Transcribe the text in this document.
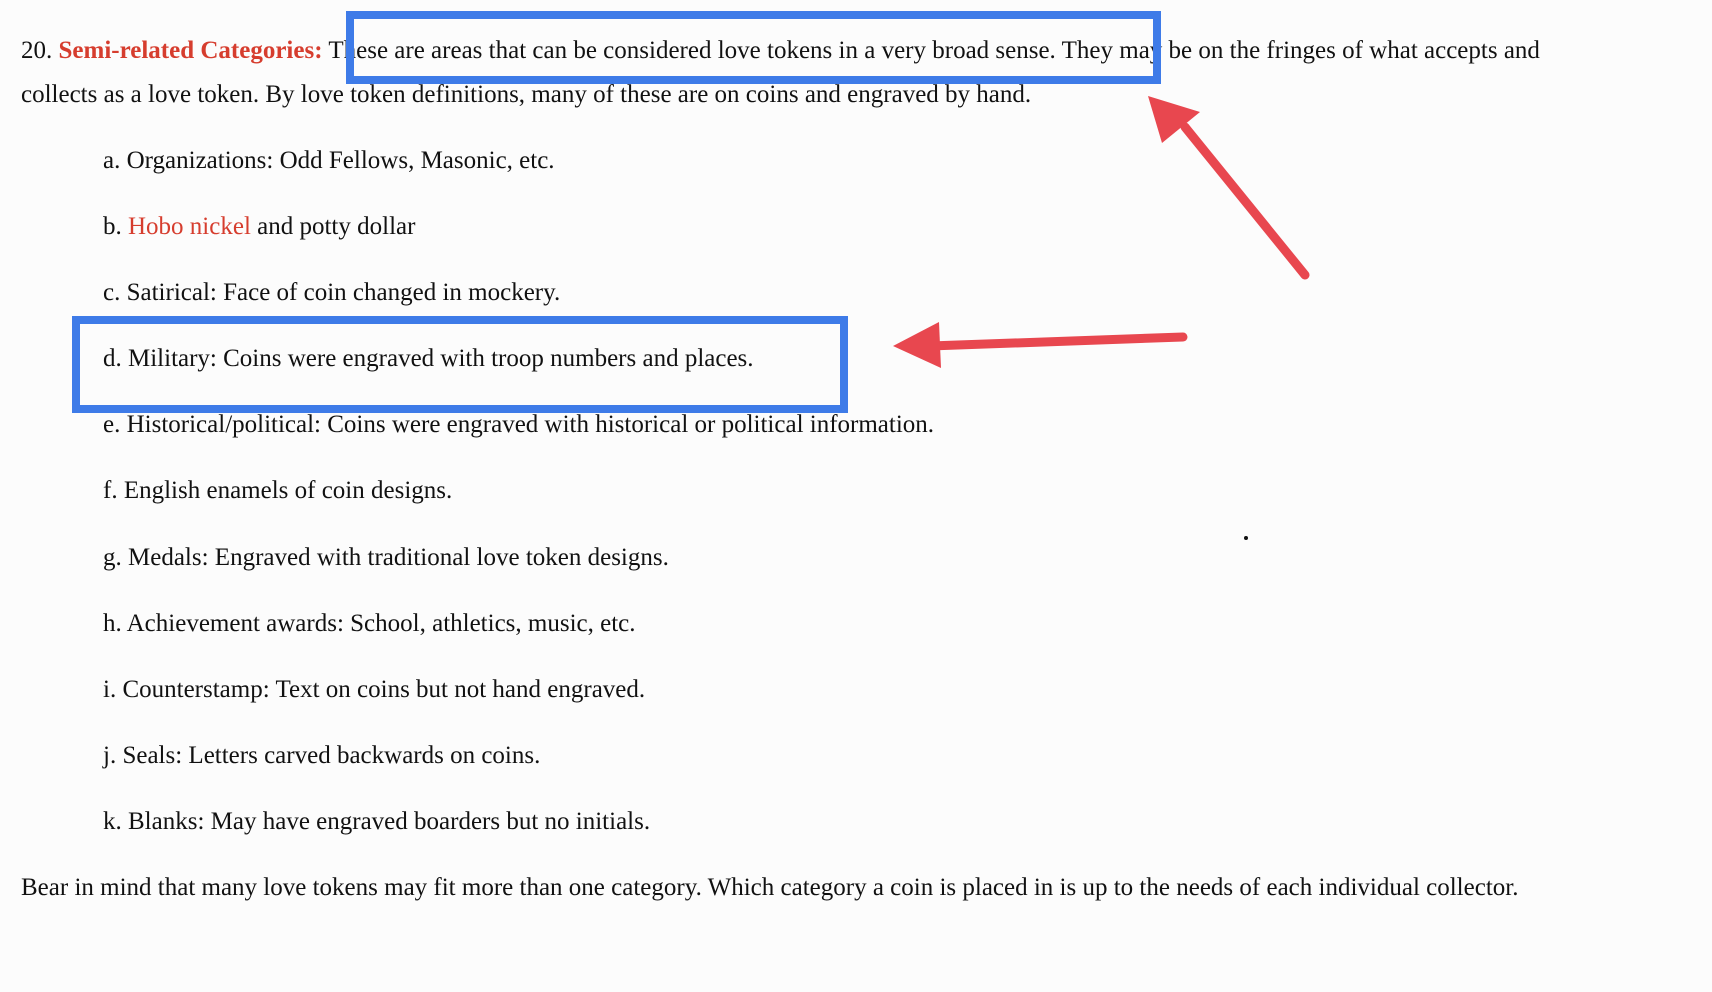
20. Semi-related Categories: These are areas that can be considered love tokens in a very broad sense. They may be on the fringes of what accepts and
collects as a love token. By love token definitions, many of these are on coins and engraved by hand.
a. Organizations: Odd Fellows, Masonic, etc.
b. Hobo nickel and potty dollar
c. Satirical: Face of coin changed in mockery.
d. Military: Coins were engraved with troop numbers and places.
e. Historical/political: Coins were engraved with historical or political information.
f. English enamels of coin designs.
g. Medals: Engraved with traditional love token designs.
h. Achievement awards: School, athletics, music, etc.
i. Counterstamp: Text on coins but not hand engraved.
j. Seals: Letters carved backwards on coins.
k. Blanks: May have engraved boarders but no initials.
Bear in mind that many love tokens may fit more than one category. Which category a coin is placed in is up to the needs of each individual collector.
